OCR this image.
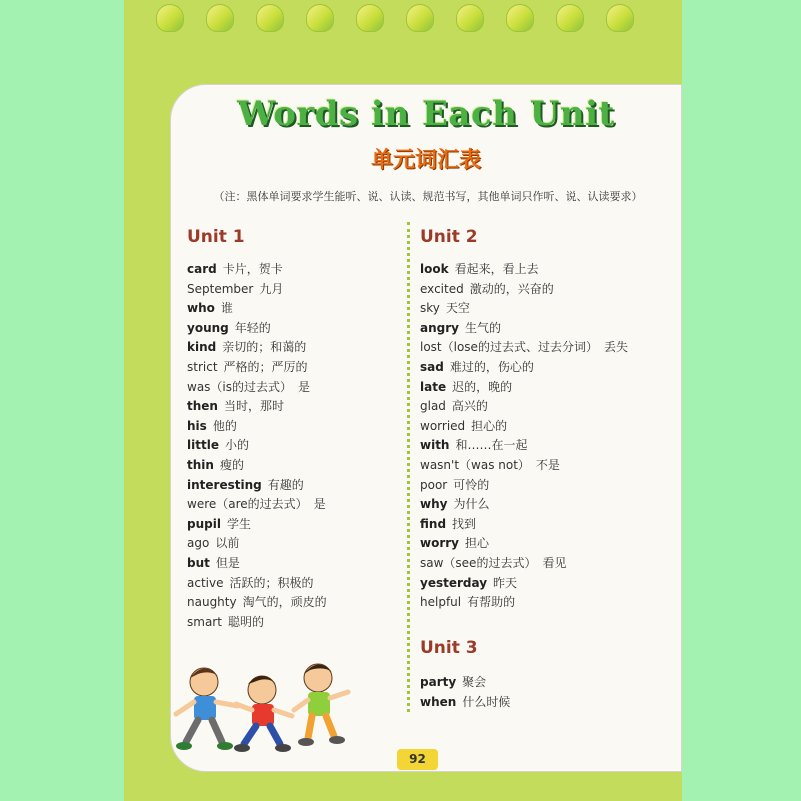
Words in Each Unit
单元词汇表
（注：黑体单词要求学生能听、说、认读、规范书写，其他单词只作听、说、认读要求）
Unit 1
card 卡片，贺卡
September 九月
who 谁
young 年轻的
kind 亲切的；和蔼的
strict 严格的；严厉的
was（is的过去式） 是
then 当时，那时
his 他的
little 小的
thin 瘦的
interesting 有趣的
were（are的过去式） 是
pupil 学生
ago 以前
but 但是
active 活跃的；积极的
naughty 淘气的，顽皮的
smart 聪明的
Unit 2
look 看起来，看上去
excited 激动的，兴奋的
sky 天空
angry 生气的
lost（lose的过去式、过去分词） 丢失
sad 难过的，伤心的
late 迟的，晚的
glad 高兴的
worried 担心的
with 和……在一起
wasn't（was not） 不是
poor 可怜的
why 为什么
find 找到
worry 担心
saw（see的过去式） 看见
yesterday 昨天
helpful 有帮助的
Unit 3
party 聚会
when 什么时候
92
